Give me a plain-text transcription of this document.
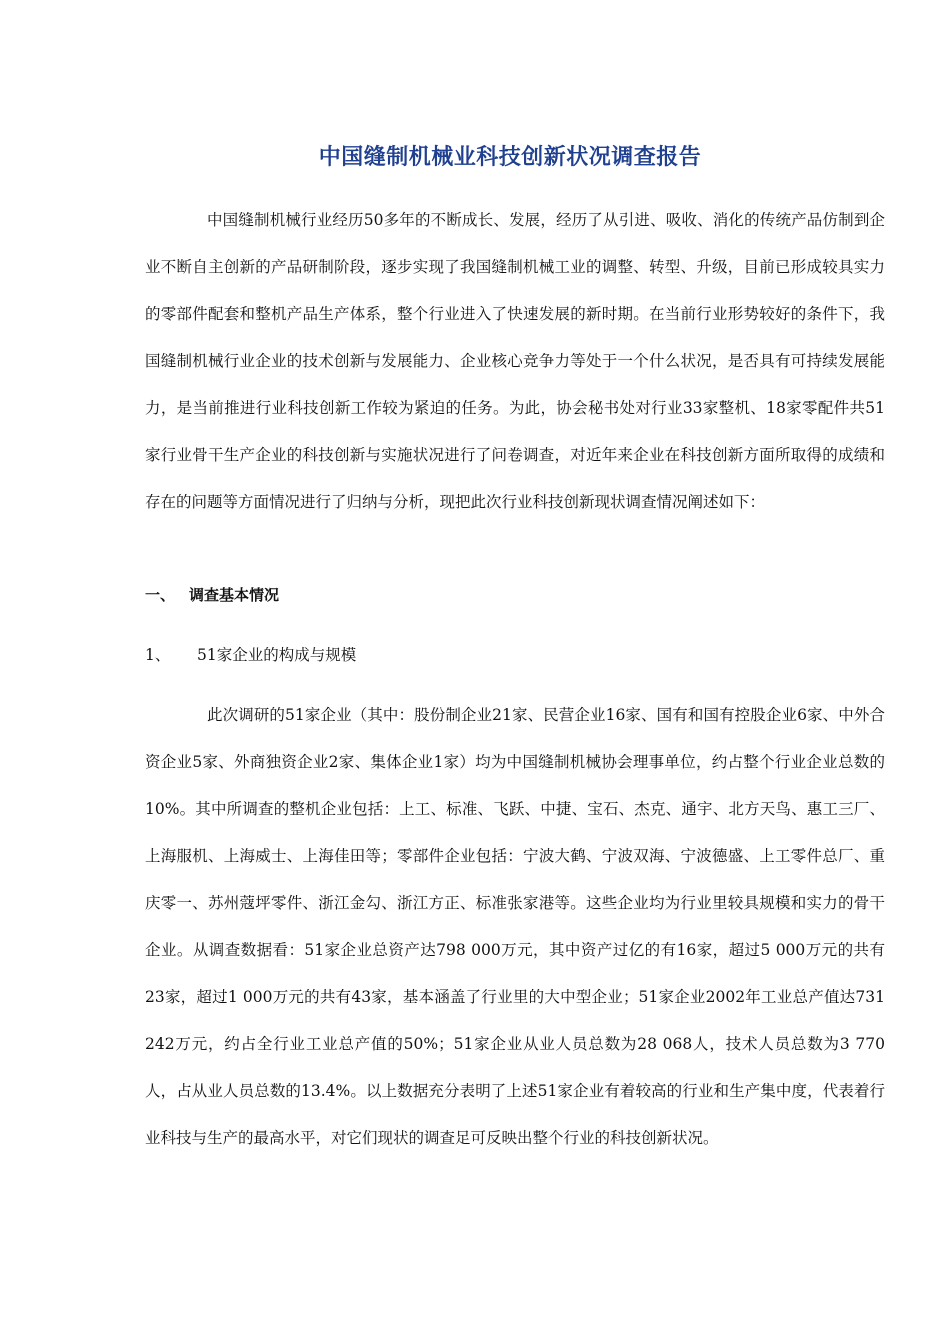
中国缝制机械业科技创新状况调查报告

中国缝制机械行业经历50多年的不断成长、发展，经历了从引进、吸收、消化的传统产品仿制到企业不断自主创新的产品研制阶段，逐步实现了我国缝制机械工业的调整、转型、升级，目前已形成较具实力的零部件配套和整机产品生产体系，整个行业进入了快速发展的新时期。在当前行业形势较好的条件下，我国缝制机械行业企业的技术创新与发展能力、企业核心竞争力等处于一个什么状况，是否具有可持续发展能力，是当前推进行业科技创新工作较为紧迫的任务。为此，协会秘书处对行业33家整机、18家零配件共51家行业骨干生产企业的科技创新与实施状况进行了问卷调查，对近年来企业在科技创新方面所取得的成绩和存在的问题等方面情况进行了归纳与分析，现把此次行业科技创新现状调查情况阐述如下：

一、 调查基本情况
1、 51家企业的构成与规模

此次调研的51家企业（其中：股份制企业21家、民营企业16家、国有和国有控股企业6家、中外合资企业5家、外商独资企业2家、集体企业1家）均为中国缝制机械协会理事单位，约占整个行业企业总数的10%。其中所调查的整机企业包括：上工、标准、飞跃、中捷、宝石、杰克、通宇、北方天鸟、惠工三厂、上海服机、上海威士、上海佳田等；零部件企业包括：宁波大鹤、宁波双海、宁波德盛、上工零件总厂、重庆零一、苏州蔻坪零件、浙江金勾、浙江方正、标准张家港等。这些企业均为行业里较具规模和实力的骨干企业。从调查数据看：51家企业总资产达798 000万元，其中资产过亿的有16家，超过5 000万元的共有23家，超过1 000万元的共有43家，基本涵盖了行业里的大中型企业；51家企业2002年工业总产值达731 242万元，约占全行业工业总产值的50%；51家企业从业人员总数为28 068人，技术人员总数为3 770人，占从业人员总数的13.4%。以上数据充分表明了上述51家企业有着较高的行业和生产集中度，代表着行业科技与生产的最高水平，对它们现状的调查足可反映出整个行业的科技创新状况。
